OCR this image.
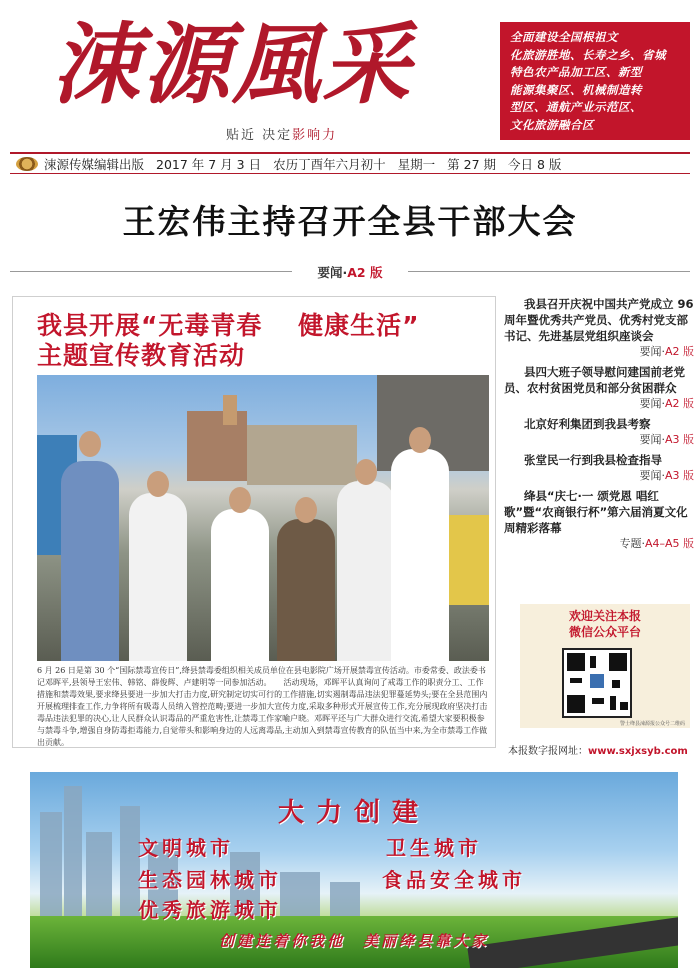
涑源風采
贴近 决定影响力

全面建设全国根祖文

化旅游胜地、长寿之乡、省城

特色农产品加工区、新型

能源集聚区、机械制造转

型区、通航产业示范区、

文化旅游融合区

涑源传媒编辑出版 2017 年 7 月 3 日 农历丁酉年六月初十 星期一 第 27 期 今日 8 版
王宏伟主持召开全县干部大会
要闻·A2 版
我县开展“无毒青春　 健康生活”
主题宣传教育活动
6 月 26 日是第 30 个“国际禁毒宣传日”,绛县禁毒委组织相关成员单位在县电影院广场开展禁毒宣传活动。市委常委、政法委书记邓晖平,县领导王宏伟、韩铭、薛俊辉、卢建明等一同参加活动。　　活动现场，邓晖平认真询问了戒毒工作的职责分工、工作措施和禁毒效果,要求绛县要进一步加大打击力度,研究制定切实可行的工作措施,切实遏制毒品违法犯罪蔓延势头;要在全县范围内开展梳理排查工作,力争将所有吸毒人员纳入管控范畴;要进一步加大宣传力度,采取多种形式开展宣传工作,充分展现政府坚决打击毒品违法犯罪的决心,让人民群众认识毒品的严重危害性,让禁毒工作家喻户晓。邓晖平还与广大群众进行交流,希望大家要积极参与禁毒斗争,增强自身防毒拒毒能力,自觉带头和影响身边的人远离毒品,主动加入到禁毒宣传教育的队伍当中来,为全市禁毒工作做出贡献。
我县召开庆祝中国共产党成立 96 周年暨优秀共产党员、优秀村党支部书记、先进基层党组织座谈会
要闻·A2 版
县四大班子领导慰问建国前老党员、农村贫困党员和部分贫困群众
要闻·A2 版
北京好利集团到我县考察
要闻·A3 版
张堂民一行到我县检查指导
要闻·A3 版
绛县“庆七·一 颂党恩 唱红歌”暨“农商银行杯”第六届消夏文化周精彩落幕
专题·A4–A5 版
欢迎关注本报
微信公众平台
警士绛县涑源报公众号二维码
本报数字报网址：www.sxjxsyb.com
大力创建
文明城市	卫生城市
生态园林城市	食品安全城市
优秀旅游城市
创建连着你我他　美丽绛县靠大家
